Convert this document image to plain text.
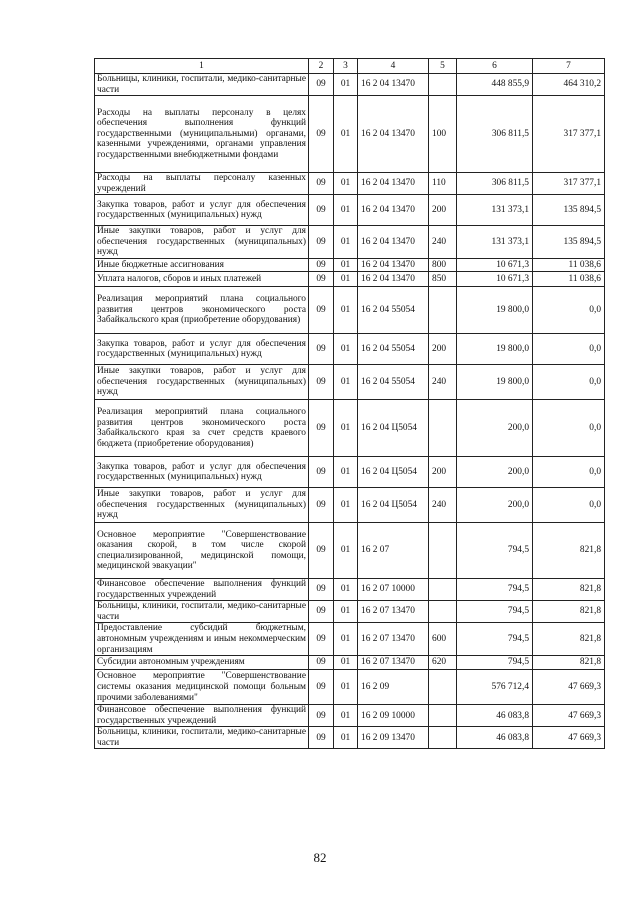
1	2	3	4	5	6	7
Больницы, клиники, госпитали, медико-санитарные части	09	01	16 2 04 13470		448 855,9	464 310,2
Расходы на выплаты персоналу в целях обеспечения выполнения функций государственными (муниципальными) органами, казенными учреждениями, органами управления государственными внебюджетными фондами	09	01	16 2 04 13470	100	306 811,5	317 377,1
Расходы на выплаты персоналу казенных учреждений	09	01	16 2 04 13470	110	306 811,5	317 377,1
Закупка товаров, работ и услуг для обеспечения государственных (муниципальных) нужд	09	01	16 2 04 13470	200	131 373,1	135 894,5
Иные закупки товаров, работ и услуг для обеспечения государственных (муниципальных) нужд	09	01	16 2 04 13470	240	131 373,1	135 894,5
Иные бюджетные ассигнования	09	01	16 2 04 13470	800	10 671,3	11 038,6
Уплата налогов, сборов и иных платежей	09	01	16 2 04 13470	850	10 671,3	11 038,6
Реализация мероприятий плана социального развития центров экономического роста Забайкальского края (приобретение оборудования)	09	01	16 2 04 55054		19 800,0	0,0
Закупка товаров, работ и услуг для обеспечения государственных (муниципальных) нужд	09	01	16 2 04 55054	200	19 800,0	0,0
Иные закупки товаров, работ и услуг для обеспечения государственных (муниципальных) нужд	09	01	16 2 04 55054	240	19 800,0	0,0
Реализация мероприятий плана социального развития центров экономического роста Забайкальского края за счет средств краевого бюджета (приобретение оборудования)	09	01	16 2 04 Ц5054		200,0	0,0
Закупка товаров, работ и услуг для обеспечения государственных (муниципальных) нужд	09	01	16 2 04 Ц5054	200	200,0	0,0
Иные закупки товаров, работ и услуг для обеспечения государственных (муниципальных) нужд	09	01	16 2 04 Ц5054	240	200,0	0,0
Основное мероприятие "Совершенствование оказания скорой, в том числе скорой специализированной, медицинской помощи, медицинской эвакуации"	09	01	16 2 07		794,5	821,8
Финансовое обеспечение выполнения функций государственных учреждений	09	01	16 2 07 10000		794,5	821,8
Больницы, клиники, госпитали, медико-санитарные части	09	01	16 2 07 13470		794,5	821,8
Предоставление субсидий бюджетным, автономным учреждениям и иным некоммерческим организациям	09	01	16 2 07 13470	600	794,5	821,8
Субсидии автономным учреждениям	09	01	16 2 07 13470	620	794,5	821,8
Основное мероприятие "Совершенствование системы оказания медицинской помощи больным прочими заболеваниями"	09	01	16 2 09		576 712,4	47 669,3
Финансовое обеспечение выполнения функций государственных учреждений	09	01	16 2 09 10000		46 083,8	47 669,3
Больницы, клиники, госпитали, медико-санитарные части	09	01	16 2 09 13470		46 083,8	47 669,3
82
